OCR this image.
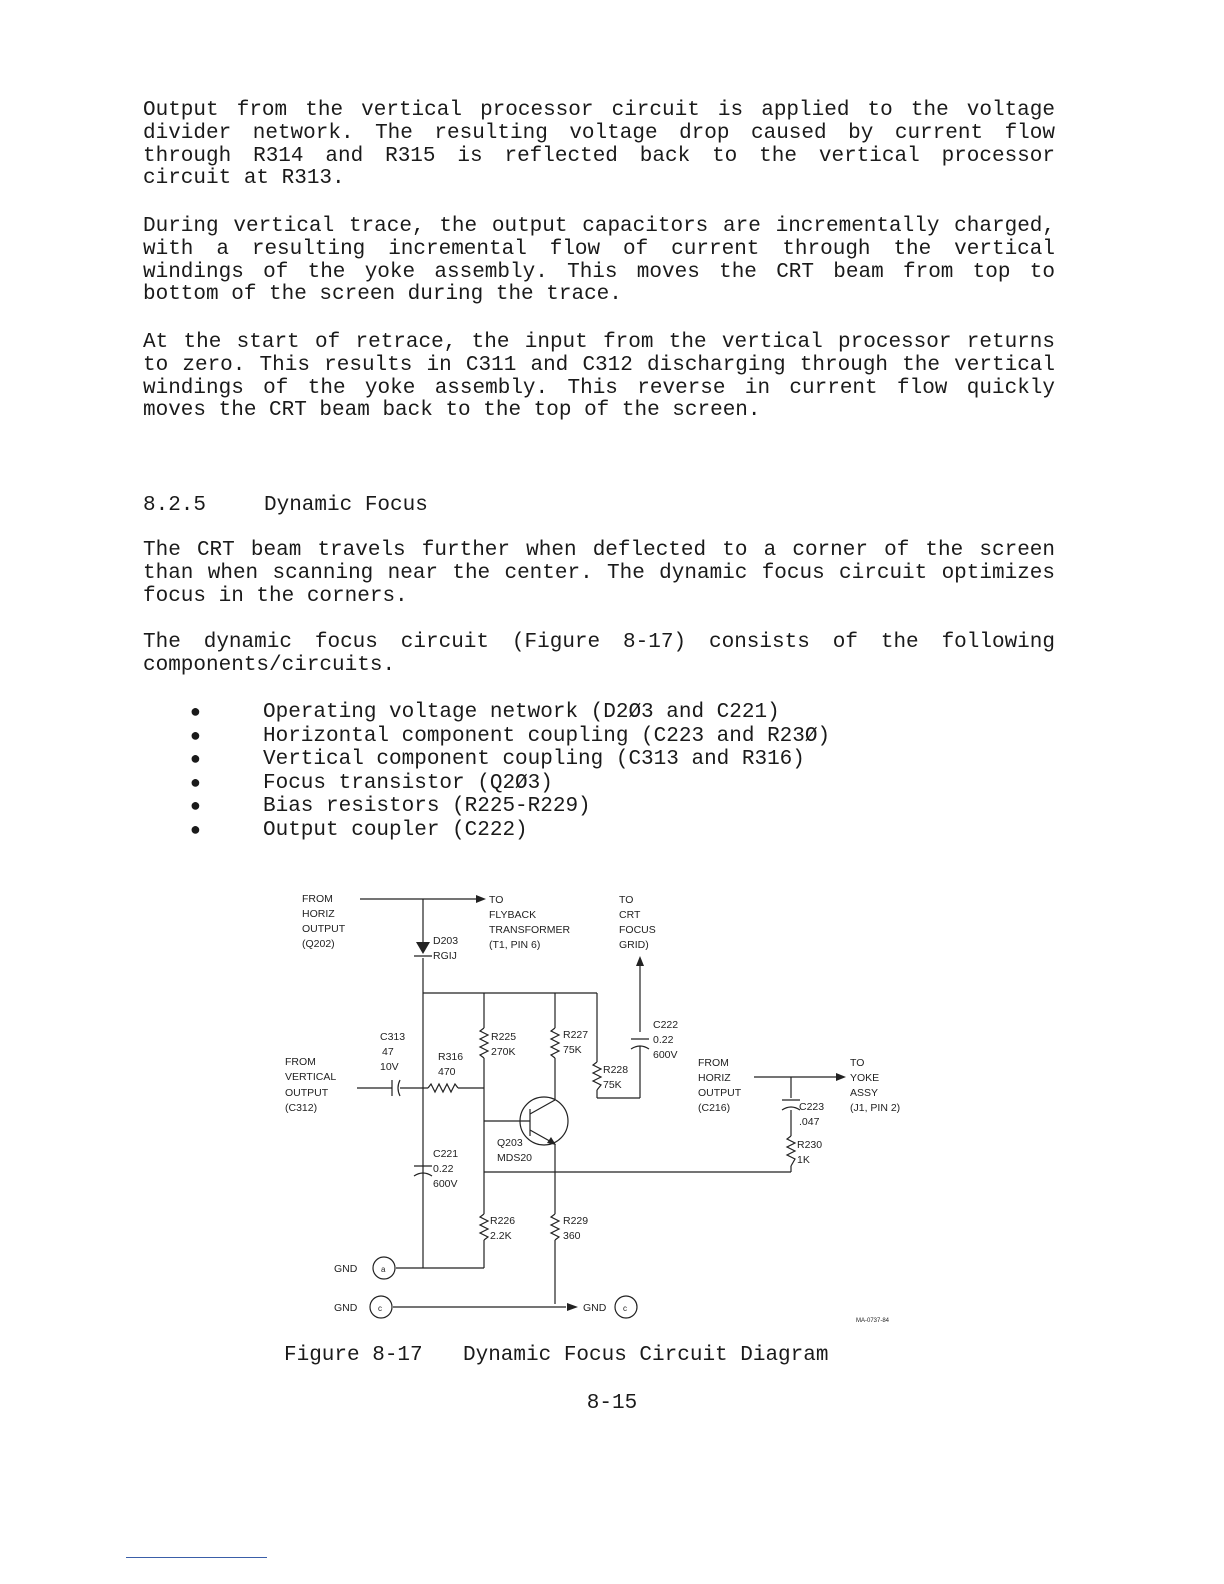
Output from the vertical processor circuit is applied to the voltage divider network. The resulting voltage drop caused by current flow through R314 and R315 is reflected back to the vertical processor circuit at R313.

During vertical trace, the output capacitors are incrementally charged, with a resulting incremental flow of current through the vertical windings of the yoke assembly. This moves the CRT beam from top to bottom of the screen during the trace.

At the start of retrace, the input from the vertical processor returns to zero. This results in C311 and C312 discharging through the vertical windings of the yoke assembly. This reverse in current flow quickly moves the CRT beam back to the top of the screen.

8.2.5	Dynamic Focus

The CRT beam travels further when deflected to a corner of the screen than when scanning near the center. The dynamic focus circuit optimizes focus in the corners.

The dynamic focus circuit (Figure 8-17) consists of the following components/circuits.

●	Operating voltage network (D2Ø3 and C221)
●	Horizontal component coupling (C223 and R23Ø)
●	Vertical component coupling (C313 and R316)
●	Focus transistor (Q2Ø3)
●	Bias resistors (R225-R229)
●	Output coupler (C222)
FROM
HORIZ
OUTPUT
(Q202)
TO
FLYBACK
TRANSFORMER
(T1, PIN 6)
TO
CRT
FOCUS
GRID)
D203
RGIJ
C313
47
10V
FROM
VERTICAL
OUTPUT
(C312)
R316
470
R225
270K
R227
75K
R228
75K
C222
0.22
600V
Q203
MDS20
C221
0.22
600V
R226
2.2K
R229
360
FROM
HORIZ
OUTPUT
(C216)
TO
YOKE
ASSY
(J1, PIN 2)
C223
.047
R230
1K
GND	a
GND	c	GND c
MA-0737-84
Figure 8-17 Dynamic Focus Circuit Diagram
8-15
